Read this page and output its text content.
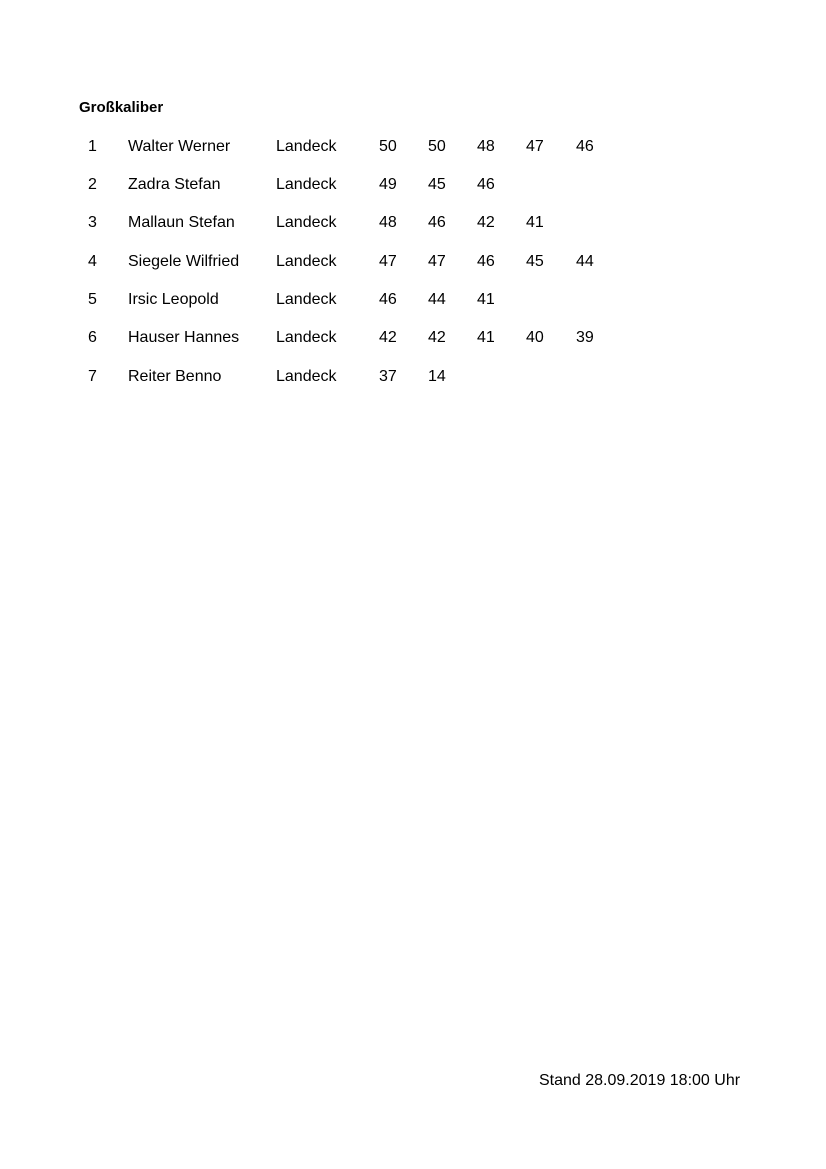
Großkaliber
1 Walter Werner	Landeck	50 50 48 47 46
2 Zadra Stefan	Landeck	49 45 46
3 Mallaun Stefan	Landeck	48 46 42 41
4 Siegele Wilfried Landeck	47 47 46 45 44
5 Irsic Leopold	Landeck	46 44 41
6 Hauser Hannes Landeck	42 42 41 40 39
7 Reiter Benno	Landeck	37 14
Stand 28.09.2019 18:00 Uhr
